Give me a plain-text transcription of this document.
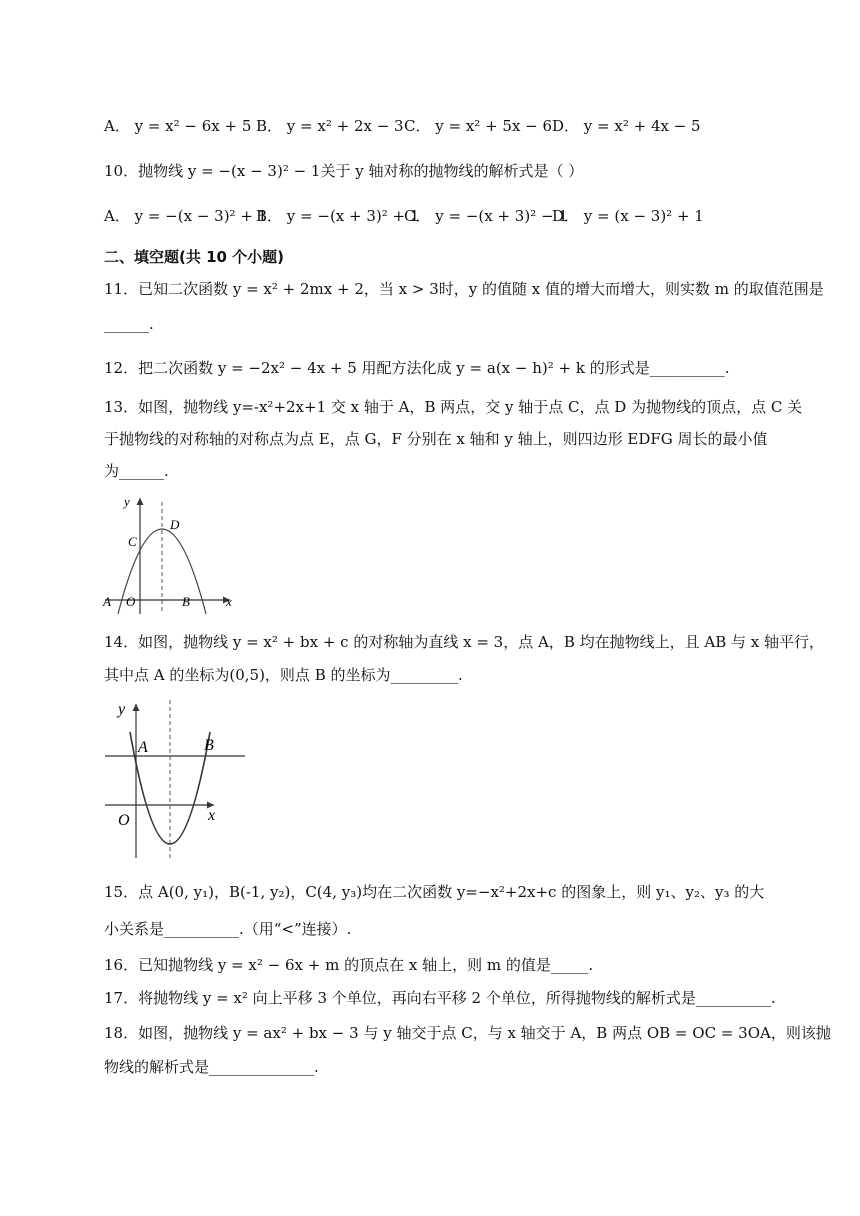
A． y = x² − 6x + 5 B． y = x² + 2x − 3 C． y = x² + 5x − 6 D． y = x² + 4x − 5
10．抛物线 y = −(x − 3)² − 1关于 y 轴对称的抛物线的解析式是（ ）
A． y = −(x − 3)² + 1
B． y = −(x + 3)² + 1
C． y = −(x + 3)² − 1
D． y = (x − 3)² + 1
二、填空题(共 10 个小题)
11．已知二次函数 y = x² + 2mx + 2，当 x > 3时，y 的值随 x 值的增大而增大，则实数 m 的取值范围是
______.
12．把二次函数 y = −2x² − 4x + 5 用配方法化成 y = a(x − h)² + k 的形式是__________.
13．如图，抛物线 y=-x²+2x+1 交 x 轴于 A，B 两点，交 y 轴于点 C，点 D 为抛物线的顶点，点 C 关
于抛物线的对称轴的对称点为点 E，点 G，F 分别在 x 轴和 y 轴上，则四边形 EDFG 周长的最小值
为______.
y
x
A O	B
C
D
14．如图，抛物线 y = x² + bx + c 的对称轴为直线 x = 3，点 A，B 均在抛物线上，且 AB 与 x 轴平行，
其中点 A 的坐标为(0,5)，则点 B 的坐标为_________.
y
x
A	B
O
15．点 A(0, y₁)，B(-1, y₂)，C(4, y₃)均在二次函数 y=−x²+2x+c 的图象上，则 y₁、y₂、y₃ 的大
小关系是__________.（用“<”连接）.
16．已知抛物线 y = x² − 6x + m 的顶点在 x 轴上，则 m 的值是_____.
17．将抛物线 y = x² 向上平移 3 个单位，再向右平移 2 个单位，所得抛物线的解析式是__________.
18．如图，抛物线 y = ax² + bx − 3 与 y 轴交于点 C，与 x 轴交于 A，B 两点 OB = OC = 3OA，则该抛
物线的解析式是______________.
